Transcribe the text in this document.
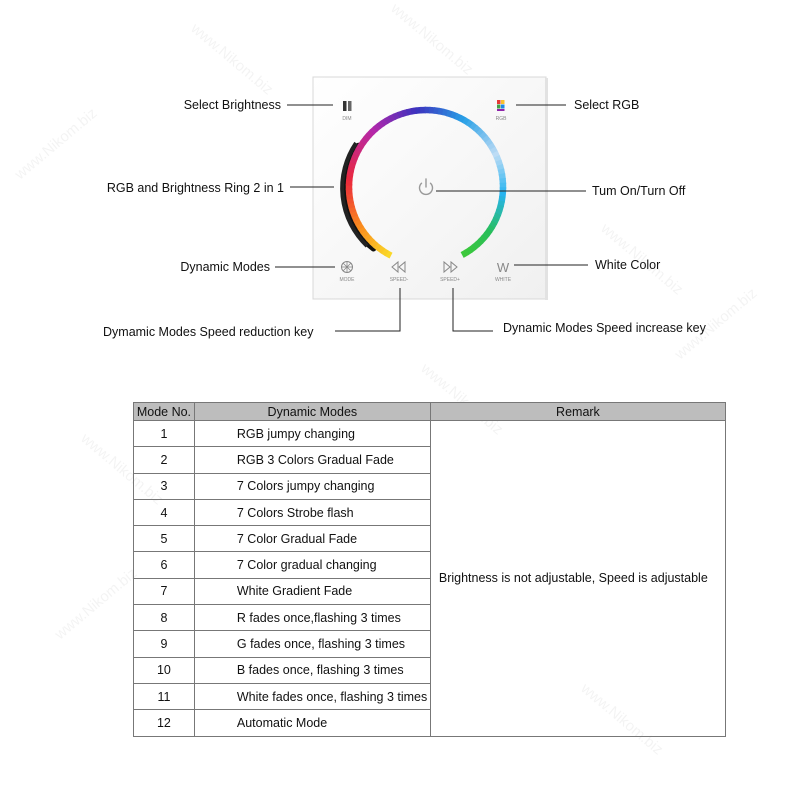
DIM	RGB
MODE	SPEED-	SPEED+
W
WHITE
Select Brightness	Select RGB
RGB and Brightness Ring 2 in 1	Tum On/Turn Off
Dynamic Modes	White Color
Dymamic Modes Speed reduction key	Dynamic Modes Speed increase key
Mode No.	Dynamic Modes	Remark
1	RGB jumpy changing	Brightness is not adjustable, Speed is adjustable
2	RGB 3 Colors Gradual Fade	
3	7 Colors jumpy changing	
4	7 Colors Strobe flash	
5	7 Color Gradual Fade	
6	7 Color gradual changing	
7	White Gradient Fade	
8	R fades once,flashing 3 times	
9	G fades once, flashing 3 times	
10	B fades once, flashing 3 times	
11	White fades once, flashing 3 times	
12	Automatic Mode	
